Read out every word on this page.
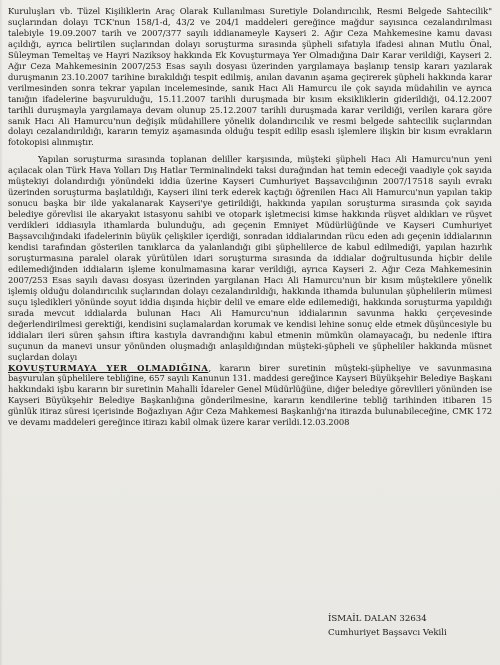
Kuruluşları vb. Tüzel Kişiliklerin Araç Olarak Kullanılması Suretiyle Dolandırıcılık, Resmi Belgede Sahtecilik" suçlarından dolayı TCK'nun 158/1-d, 43/2 ve 204/1 maddeleri gereğince mağdur sayısınca cezalandırılması talebiyle 19.09.2007 tarih ve 2007/377 sayılı iddianameyle Kayseri 2. Ağır Ceza Mahkemesine kamu davası açıldığı, ayrıca belirtilen suçlarından dolayı soruşturma sırasında şüpheli sıfatıyla ifadesi alınan Mutlu Önal, Süleyman Temeltaş ve Hayri Naziksoy hakkında Ek Kovuşturmaya Yer Olmadığına Dair Karar verildiği, Kayseri 2. Ağır Ceza Mahkemesinin 2007/253 Esas sayılı dosyası üzerinden yargılamaya başlanıp tensip kararı yazılarak duruşmanın 23.10.2007 tarihine bırakıldığı tespit edilmiş, anılan davanın aşama geçirerek şüpheli hakkında karar verilmesinden sonra tekrar yapılan incelemesinde, sanık Hacı Ali Hamurcu ile çok sayıda müdahilin ve ayrıca tanığın ifadelerine başvurulduğu, 15.11.2007 tarihli duruşmada bir kısım eksikliklerin giderildiği, 04.12.2007 tarihli duruşmayla yargılamaya devam olunup 25.12.2007 tarihli duruşmada karar verildiği, verilen karara göre sanık Hacı Ali Hamurcu'nun değişik müdahillere yönelik dolandırıcılık ve resmi belgede sahtecilik suçlarından dolayı cezalandırıldığı, kararın temyiz aşamasında olduğu tespit edilip esaslı işlemlere ilişkin bir kısım evrakların fotokopisi alınmıştır.

Yapılan soruşturma sırasında toplanan deliller karşısında, müşteki şüpheli Hacı Ali Hamurcu'nun yeni açılacak olan Türk Hava Yolları Dış Hatlar Terminalindeki taksi durağından hat temin edeceği vaadiyle çok sayıda müştekiyi dolandırdığı yönündeki iddia üzerine Kayseri Cumhuriyet Başsavcılığının 2007/17518 sayılı evrakı üzerinden soruşturma başlatıldığı, Kayseri ilini terk ederek kaçtığı öğrenilen Hacı Ali Hamurcu'nun yapılan takip sonucu başka bir ilde yakalanarak Kayseri'ye getirildiği, hakkında yapılan soruşturma sırasında çok sayıda belediye görevlisi ile akaryakıt istasyonu sahibi ve otopark işletmecisi kimse hakkında rüşvet aldıkları ve rüşvet verdikleri iddiasıyla ithamlarda bulunduğu, adı geçenin Emniyet Müdürlüğünde ve Kayseri Cumhuriyet Başsavcılığındaki ifadelerinin büyük çelişkiler içerdiği, sonradan iddialarından rücu eden adı geçenin iddialarının kendisi tarafından gösterilen tanıklarca da yalanlandığı gibi şüphelilerce de kabul edilmediği, yapılan hazırlık soruşturmasına paralel olarak yürütülen idari soruşturma sırasında da iddialar doğrultusunda hiçbir delile edilemediğinden iddiaların işleme konulmamasına karar verildiği, ayrıca Kayseri 2. Ağır Ceza Mahkemesinin 2007/253 Esas sayılı davası dosyası üzerinden yargılanan Hacı Ali Hamurcu'nun bir kısım müştekilere yönelik işlemiş olduğu dolandırıcılık suçlarından dolayı cezalandırıldığı, hakkında ithamda bulunulan şüphelilerin mümesi suçu işledikleri yönünde soyut iddia dışında hiçbir delil ve emare elde edilemediği, hakkında soruşturma yapıldığı sırada mevcut iddialarda bulunan Hacı Ali Hamurcu'nun iddialarının savunma hakkı çerçevesinde değerlendirilmesi gerektiği, kendisini suçlamalardan korumak ve kendisi lehine sonuç elde etmek düşüncesiyle bu iddiaları ileri süren şahsın iftira kastıyla davrandığını kabul etmenin mümkün olamayacağı, bu nedenle iftira suçunun da manevi unsur yönünden oluşmadığı anlaşıldığından müşteki-şüpheli ve şüpheliler hakkında müsnet suçlardan dolayı

KOVUŞTURMAYA YER OLMADIĞINA, kararın birer suretinin müşteki-şüpheliye ve savunmasına başvurulan şüphelilere tebliğine, 657 sayılı Kanunun 131. maddesi gereğince Kayseri Büyükşehir Belediye Başkanı hakkındaki işbu kararın bir suretinin Mahalli İdareler Genel Müdürlüğüne, diğer belediye görevlileri yönünden ise Kayseri Büyükşehir Belediye Başkanlığına gönderilmesine, kararın kendilerine tebliğ tarihinden itibaren 15 günlük itiraz süresi içerisinde Boğazlıyan Ağır Ceza Mahkemesi Başkanlığı'na itirazda bulunabileceğine, CMK 172 ve devamı maddeleri gereğince itirazı kabil olmak üzere karar verildi.12.03.2008

İSMAİL DALAN 32634
Cumhuriyet Başsavcı Vekili
